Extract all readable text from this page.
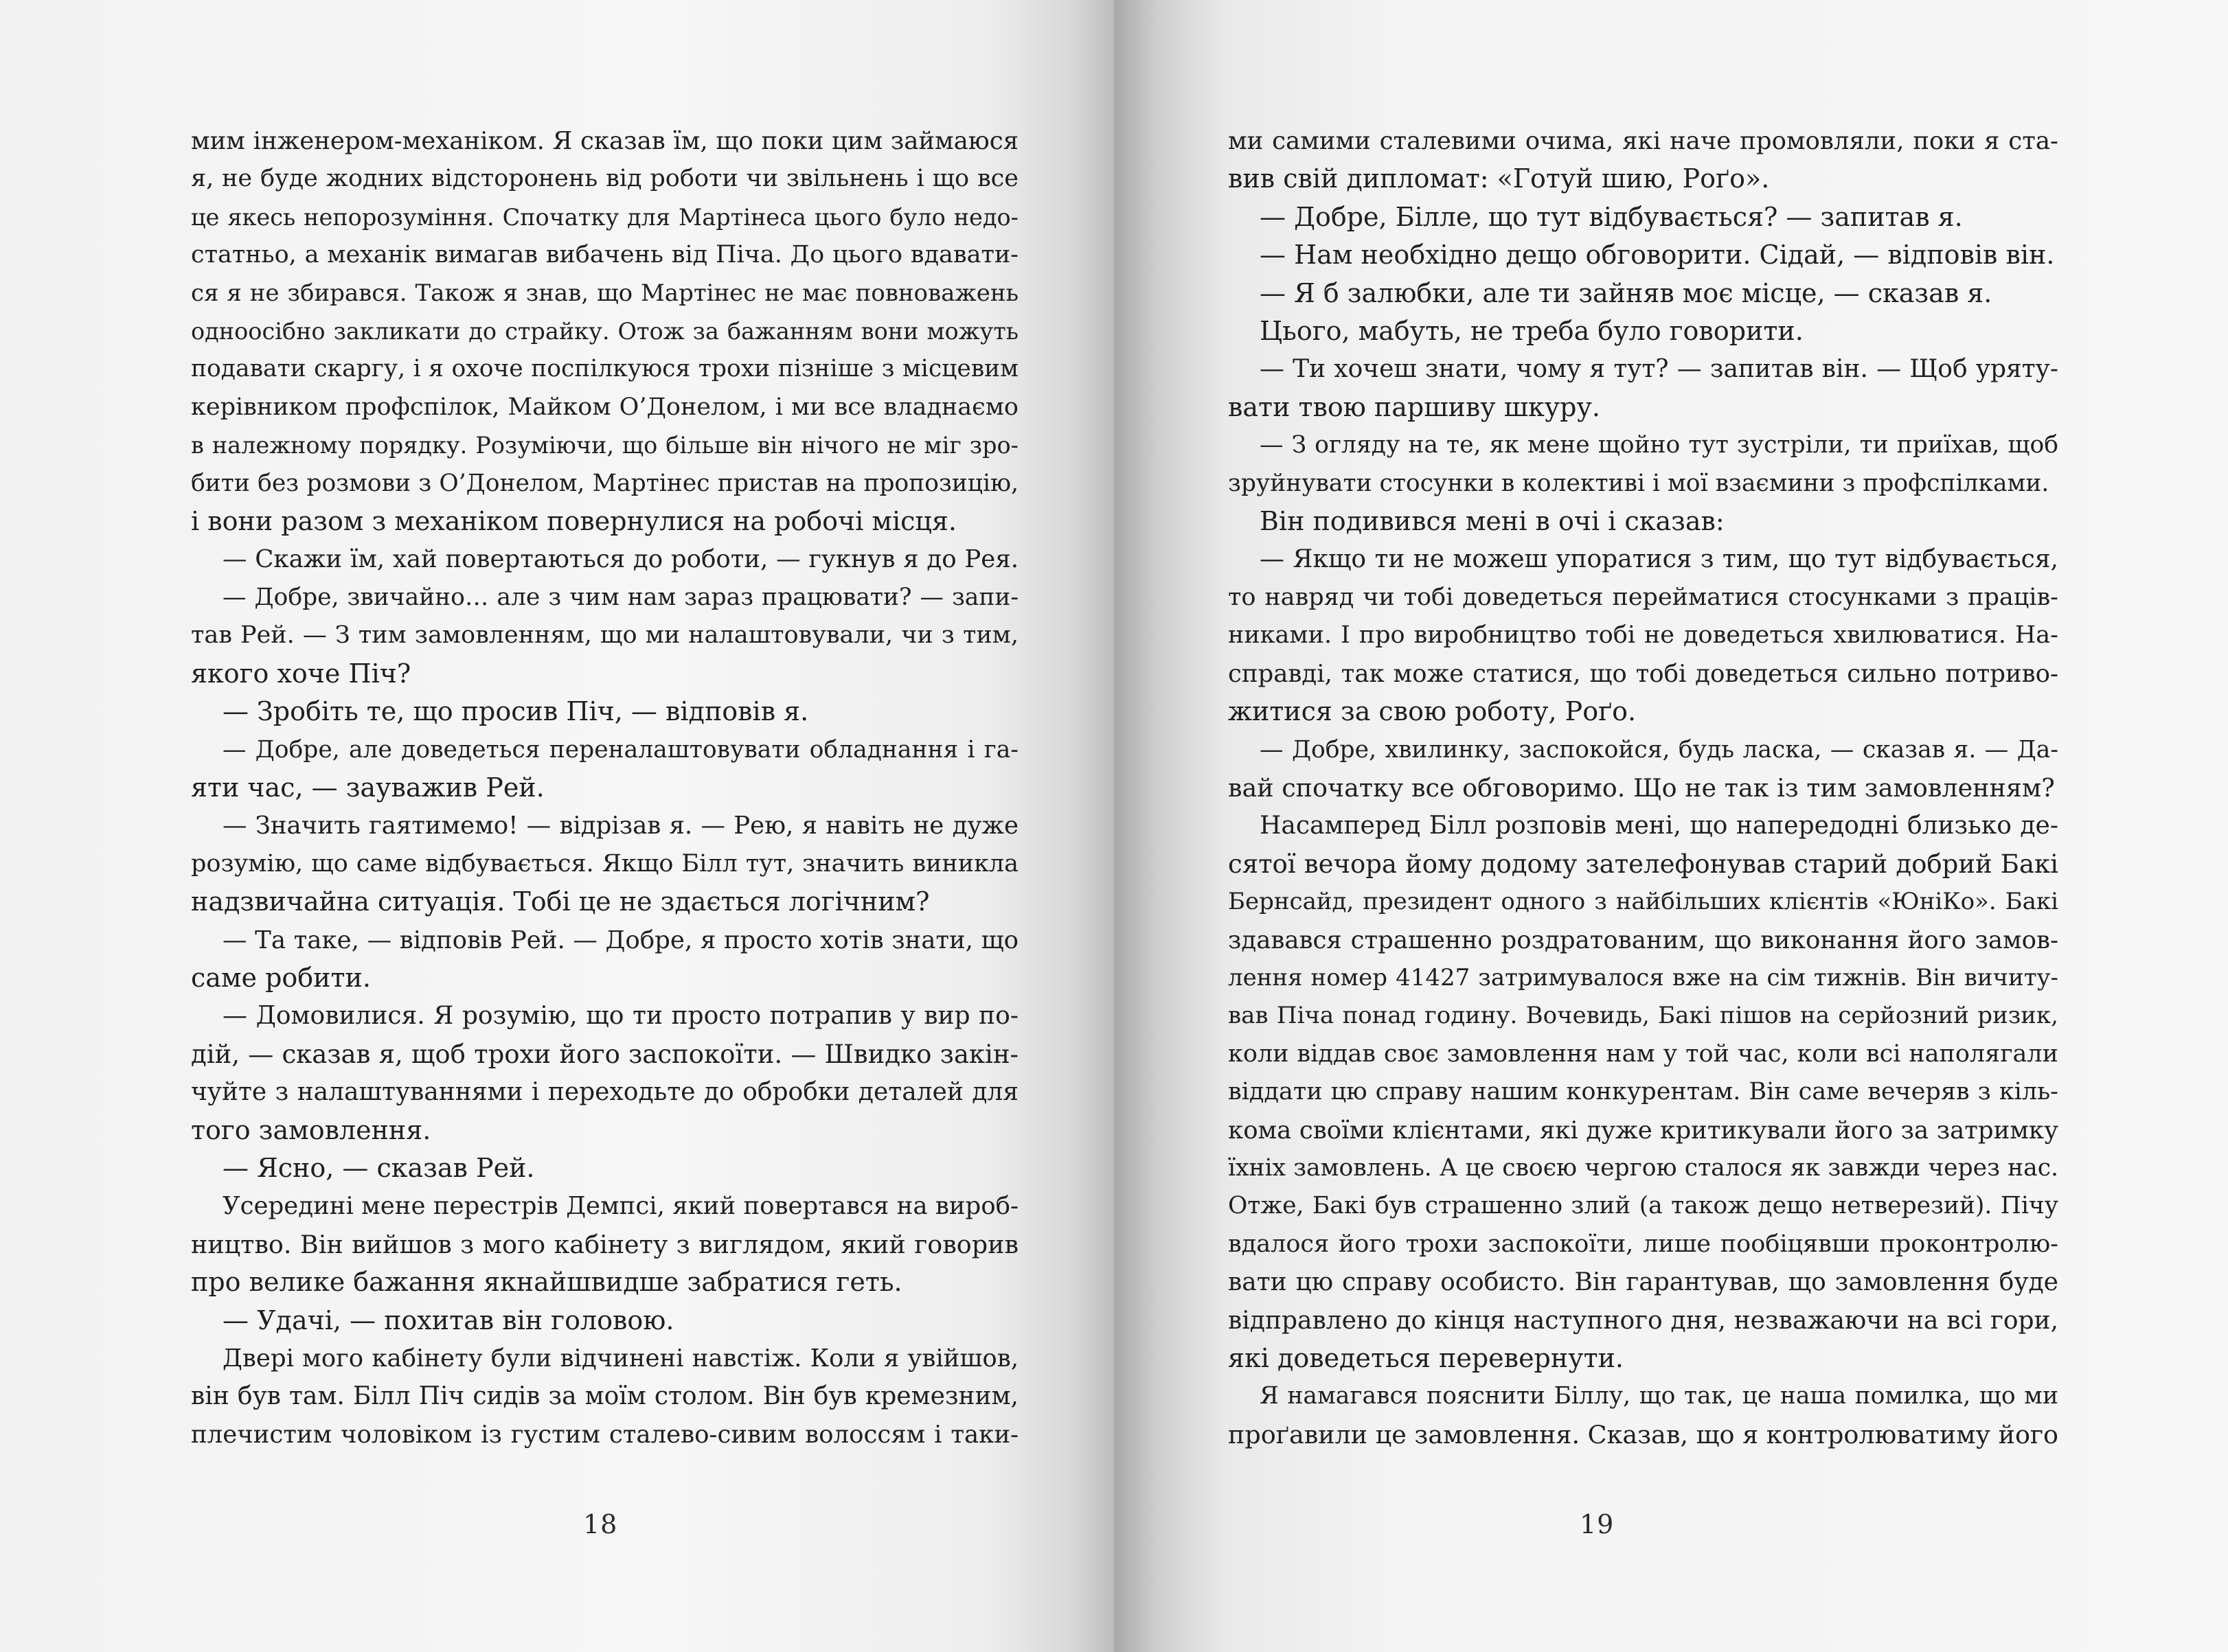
мим інженером-механіком. Я сказав їм, що поки цим займаюся
я, не буде жодних відсторонень від роботи чи звільнень і що все
це якесь непорозуміння. Спочатку для Мартінеса цього було недо-
статньо, а механік вимагав вибачень від Піча. До цього вдавати-
ся я не збирався. Також я знав, що Мартінес не має повноважень
одноосібно закликати до страйку. Отож за бажанням вони можуть
подавати скаргу, і я охоче поспілкуюся трохи пізніше з місцевим
керівником профспілок, Майком О’Донелом, і ми все владнаємо
в належному порядку. Розуміючи, що більше він нічого не міг зро-
бити без розмови з О’Донелом, Мартінес пристав на пропозицію,
і вони разом з механіком повернулися на робочі місця.
— Скажи їм, хай повертаються до роботи, — гукнув я до Рея.
— Добре, звичайно… але з чим нам зараз працювати? — запи-
тав Рей. — З тим замовленням, що ми налаштовували, чи з тим,
якого хоче Піч?
— Зробіть те, що просив Піч, — відповів я.
— Добре, але доведеться переналаштовувати обладнання і га-
яти час, — зауважив Рей.
— Значить гаятимемо! — відрізав я. — Рею, я навіть не дуже
розумію, що саме відбувається. Якщо Білл тут, значить виникла
надзвичайна ситуація. Тобі це не здається логічним?
— Та таке, — відповів Рей. — Добре, я просто хотів знати, що
саме робити.
— Домовилися. Я розумію, що ти просто потрапив у вир по-
дій, — сказав я, щоб трохи його заспокоїти. — Швидко закін-
чуйте з налаштуваннями і переходьте до обробки деталей для
того замовлення.
— Ясно, — сказав Рей.
Усередині мене перестрів Демпсі, який повертався на вироб-
ництво. Він вийшов з мого кабінету з виглядом, який говорив
про велике бажання якнайшвидше забратися геть.
— Удачі, — похитав він головою.
Двері мого кабінету були відчинені навстіж. Коли я увійшов,
він був там. Білл Піч сидів за моїм столом. Він був кремезним,
плечистим чоловіком із густим сталево-сивим волоссям і таки-
18
ми самими сталевими очима, які наче промовляли, поки я ста-
вив свій дипломат: «Готуй шию, Роґо».
— Добре, Білле, що тут відбувається? — запитав я.
— Нам необхідно дещо обговорити. Сідай, — відповів він.
— Я б залюбки, але ти зайняв моє місце, — сказав я.
Цього, мабуть, не треба було говорити.
— Ти хочеш знати, чому я тут? — запитав він. — Щоб уряту-
вати твою паршиву шкуру.
— З огляду на те, як мене щойно тут зустріли, ти приїхав, щоб
зруйнувати стосунки в колективі і мої взаємини з профспілками.
Він подивився мені в очі і сказав:
— Якщо ти не можеш упоратися з тим, що тут відбувається,
то навряд чи тобі доведеться перейматися стосунками з праців-
никами. І про виробництво тобі не доведеться хвилюватися. На-
справді, так може статися, що тобі доведеться сильно потриво-
житися за свою роботу, Роґо.
— Добре, хвилинку, заспокойся, будь ласка, — сказав я. — Да-
вай спочатку все обговоримо. Що не так із тим замовленням?
Насамперед Білл розповів мені, що напередодні близько де-
сятої вечора йому додому зателефонував старий добрий Бакі
Бернсайд, президент одного з найбільших клієнтів «ЮніКо». Бакі
здавався страшенно роздратованим, що виконання його замов-
лення номер 41427 затримувалося вже на сім тижнів. Він вичиту-
вав Піча понад годину. Вочевидь, Бакі пішов на серйозний ризик,
коли віддав своє замовлення нам у той час, коли всі наполягали
віддати цю справу нашим конкурентам. Він саме вечеряв з кіль-
кома своїми клієнтами, які дуже критикували його за затримку
їхніх замовлень. А це своєю чергою сталося як завжди через нас.
Отже, Бакі був страшенно злий (а також дещо нетверезий). Пічу
вдалося його трохи заспокоїти, лише пообіцявши проконтролю-
вати цю справу особисто. Він гарантував, що замовлення буде
відправлено до кінця наступного дня, незважаючи на всі гори,
які доведеться перевернути.
Я намагався пояснити Біллу, що так, це наша помилка, що ми
проґавили це замовлення. Сказав, що я контролюватиму його
19
